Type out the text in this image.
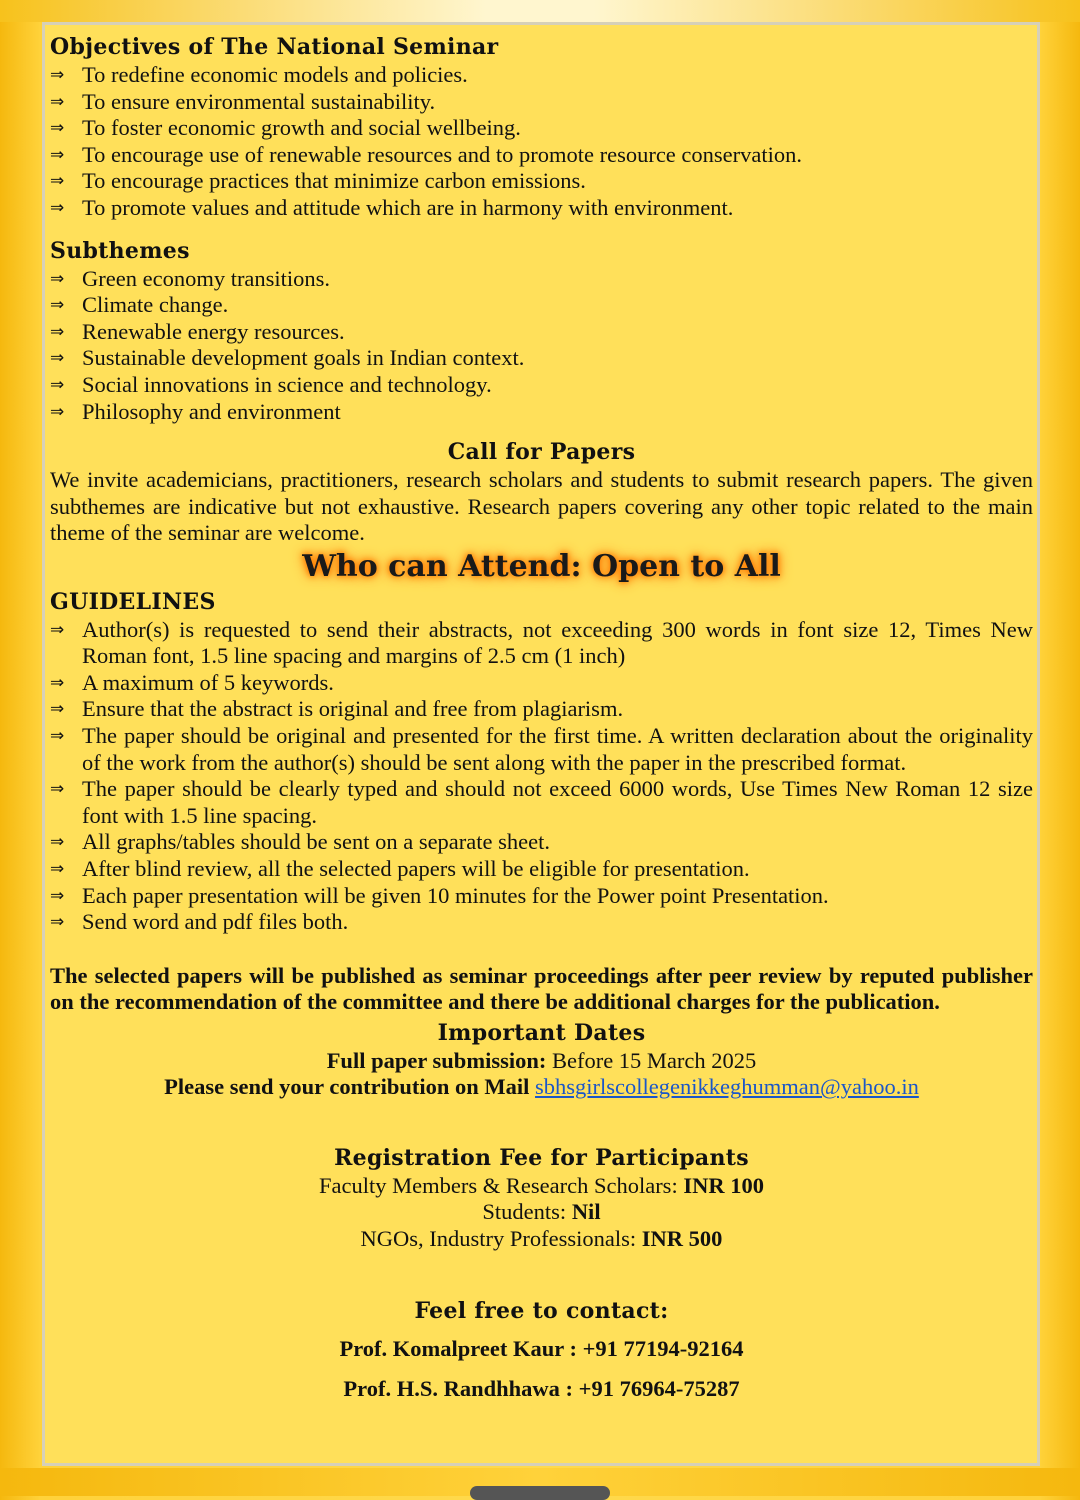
Objectives of The National Seminar
⇒ To redefine economic models and policies.
⇒ To ensure environmental sustainability.
⇒ To foster economic growth and social wellbeing.
⇒ To encourage use of renewable resources and to promote resource conservation.
⇒ To encourage practices that minimize carbon emissions.
⇒ To promote values and attitude which are in harmony with environment.
Subthemes
⇒ Green economy transitions.
⇒ Climate change.
⇒ Renewable energy resources.
⇒ Sustainable development goals in Indian context.
⇒ Social innovations in science and technology.
⇒ Philosophy and environment
Call for Papers

We invite academicians, practitioners, research scholars and students to submit research papers. The given subthemes are indicative but not exhaustive. Research papers covering any other topic related to the main theme of the seminar are welcome.

Who can Attend: Open to All

GUIDELINES
⇒ Author(s) is requested to send their abstracts, not exceeding 300 words in font size 12, Times New Roman font, 1.5 line spacing and margins of 2.5 cm (1 inch)
⇒ A maximum of 5 keywords.
⇒ Ensure that the abstract is original and free from plagiarism.
⇒ The paper should be original and presented for the first time. A written declaration about the originality of the work from the author(s) should be sent along with the paper in the prescribed format.
⇒ The paper should be clearly typed and should not exceed 6000 words, Use Times New Roman 12 size font with 1.5 line spacing.
⇒ All graphs/tables should be sent on a separate sheet.
⇒ After blind review, all the selected papers will be eligible for presentation.
⇒ Each paper presentation will be given 10 minutes for the Power point Presentation.
⇒ Send word and pdf files both.

The selected papers will be published as seminar proceedings after peer review by reputed publisher on the recommendation of the committee and there be additional charges for the publication.

Important Dates

Full paper submission: Before 15 March 2025

Please send your contribution on Mail sbhsgirlscollegenikkeghumman@yahoo.in

Registration Fee for Participants

Faculty Members & Research Scholars: INR 100

Students: Nil

NGOs, Industry Professionals: INR 500

Feel free to contact:

Prof. Komalpreet Kaur : +91 77194-92164

Prof. H.S. Randhhawa : +91 76964-75287
